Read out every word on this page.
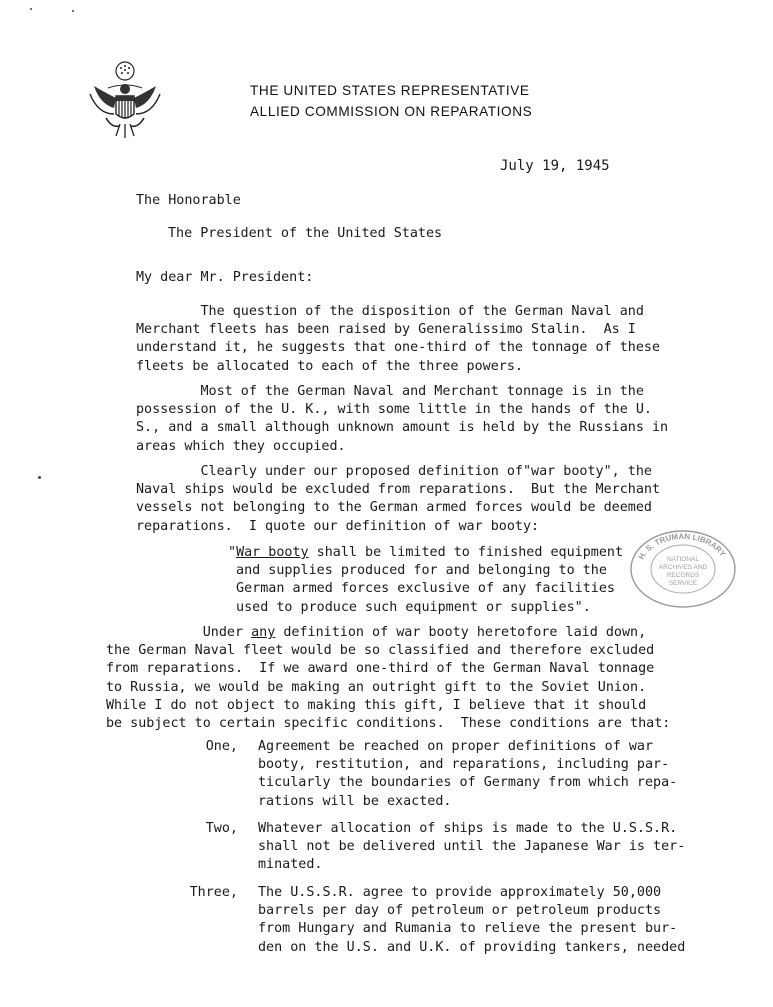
THE UNITED STATES REPRESENTATIVE
ALLIED COMMISSION ON REPARATIONS
July 19, 1945
The Honorable
The President of the United States
My dear Mr. President:

The question of the disposition of the German Naval and
Merchant fleets has been raised by Generalissimo Stalin.  As I
understand it, he suggests that one-third of the tonnage of these
fleets be allocated to each of the three powers.

Most of the German Naval and Merchant tonnage is in the
possession of the U. K., with some little in the hands of the U.
S., and a small although unknown amount is held by the Russians in
areas which they occupied.

Clearly under our proposed definition of"war booty", the
Naval ships would be excluded from reparations.  But the Merchant
vessels not belonging to the German armed forces would be deemed
reparations.  I quote our definition of war booty:

"War booty shall be limited to finished equipment
and supplies produced for and belonging to the
German armed forces exclusive of any facilities
used to produce such equipment or supplies".
H. S. TRUMAN LIBRARY
NATIONAL
ARCHIVES AND
RECORDS
SERVICE
Under any definition of war booty heretofore laid down,
the German Naval fleet would be so classified and therefore excluded
from reparations.  If we award one-third of the German Naval tonnage
to Russia, we would be making an outright gift to the Soviet Union.
While I do not object to making this gift, I believe that it should
be subject to certain specific conditions.  These conditions are that:
One, Agreement be reached on proper definitions of war
booty, restitution, and reparations, including par-
ticularly the boundaries of Germany from which repa-
rations will be exacted.
Two, Whatever allocation of ships is made to the U.S.S.R.
shall not be delivered until the Japanese War is ter-
minated.
Three, The U.S.S.R. agree to provide approximately 50,000
barrels per day of petroleum or petroleum products
from Hungary and Rumania to relieve the present bur-
den on the U.S. and U.K. of providing tankers, needed
